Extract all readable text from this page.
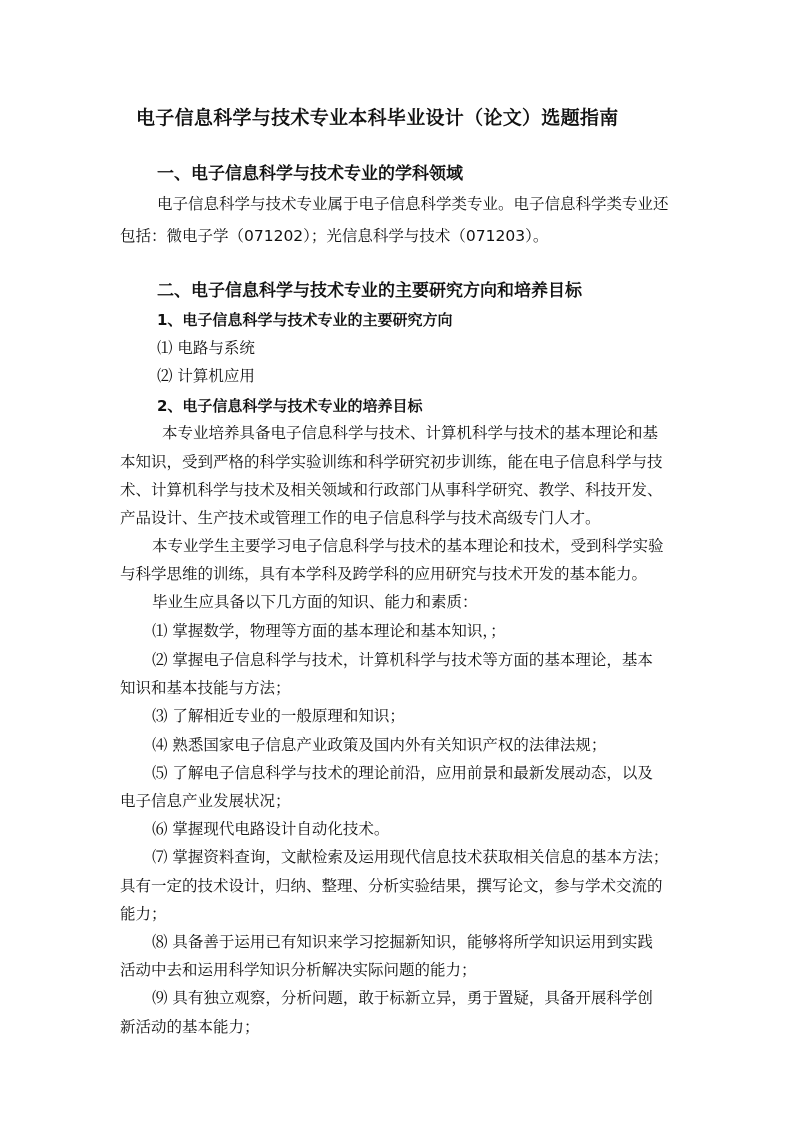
电子信息科学与技术专业本科毕业设计（论文）选题指南
一、电子信息科学与技术专业的学科领域
电子信息科学与技术专业属于电子信息科学类专业。电子信息科学类专业还
包括：微电子学（071202）；光信息科学与技术（071203）。
二、电子信息科学与技术专业的主要研究方向和培养目标
1、电子信息科学与技术专业的主要研究方向
⑴ 电路与系统
⑵ 计算机应用
2、电子信息科学与技术专业的培养目标
本专业培养具备电子信息科学与技术、计算机科学与技术的基本理论和基
本知识，受到严格的科学实验训练和科学研究初步训练，能在电子信息科学与技
术、计算机科学与技术及相关领域和行政部门从事科学研究、教学、科技开发、
产品设计、生产技术或管理工作的电子信息科学与技术高级专门人才。
本专业学生主要学习电子信息科学与技术的基本理论和技术，受到科学实验
与科学思维的训练，具有本学科及跨学科的应用研究与技术开发的基本能力。
毕业生应具备以下几方面的知识、能力和素质：
⑴ 掌握数学，物理等方面的基本理论和基本知识，；
⑵ 掌握电子信息科学与技术，计算机科学与技术等方面的基本理论，基本
知识和基本技能与方法；
⑶ 了解相近专业的一般原理和知识；
⑷ 熟悉国家电子信息产业政策及国内外有关知识产权的法律法规；
⑸ 了解电子信息科学与技术的理论前沿，应用前景和最新发展动态，以及
电子信息产业发展状况；
⑹ 掌握现代电路设计自动化技术。
⑺ 掌握资料查询，文献检索及运用现代信息技术获取相关信息的基本方法；
具有一定的技术设计，归纳、整理、分析实验结果，撰写论文，参与学术交流的
能力；
⑻ 具备善于运用已有知识来学习挖掘新知识，能够将所学知识运用到实践
活动中去和运用科学知识分析解决实际问题的能力；
⑼ 具有独立观察，分析问题，敢于标新立异，勇于置疑，具备开展科学创
新活动的基本能力；
